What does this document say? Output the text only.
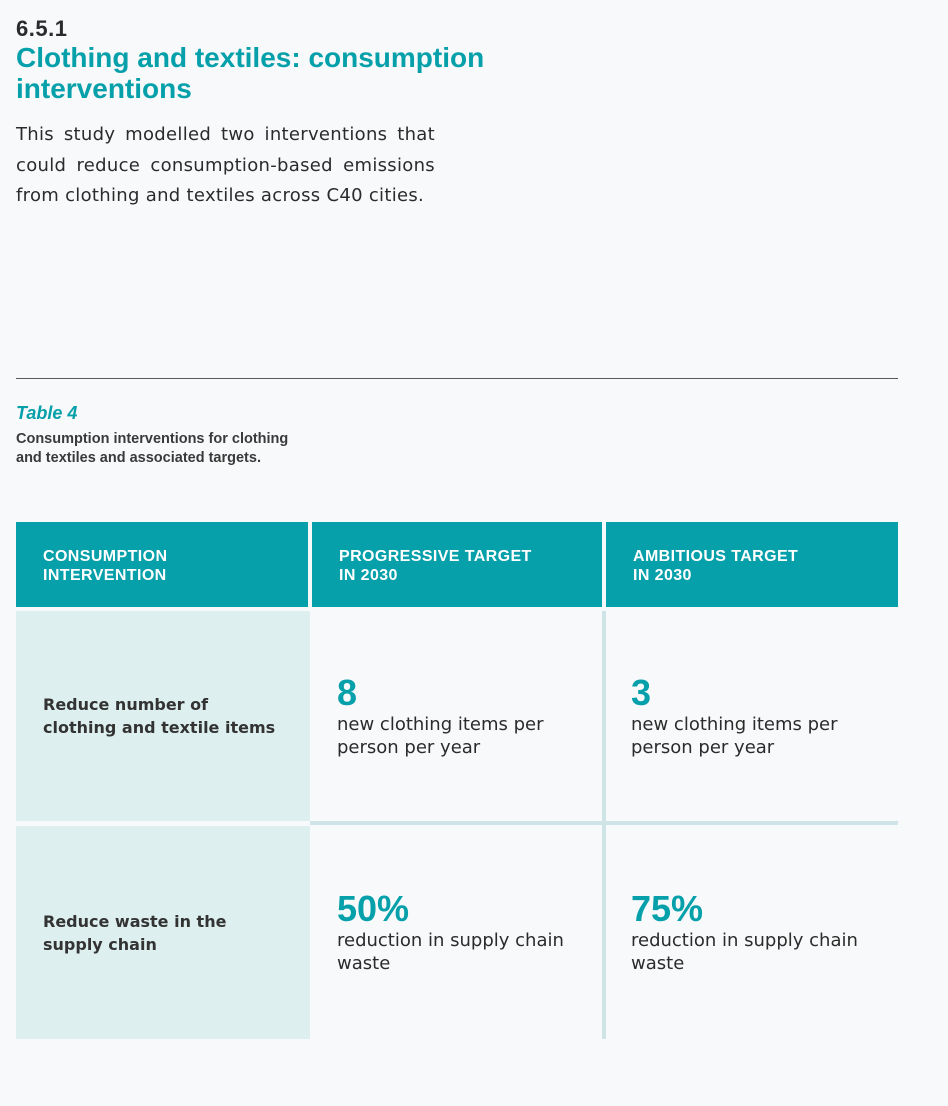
6.5.1
Clothing and textiles: consumption interventions

This study modelled two interventions that could reduce consumption-based emissions from clothing and textiles across C40 cities.

Table 4

Consumption interventions for clothing and textiles and associated targets.

CONSUMPTION
INTERVENTION
PROGRESSIVE TARGET
IN 2030
AMBITIOUS TARGET
IN 2030
Reduce number of clothing and textile items
8
new clothing items per person per year
3
new clothing items per person per year
Reduce waste in the supply chain
50%
reduction in supply chain waste
75%
reduction in supply chain waste
